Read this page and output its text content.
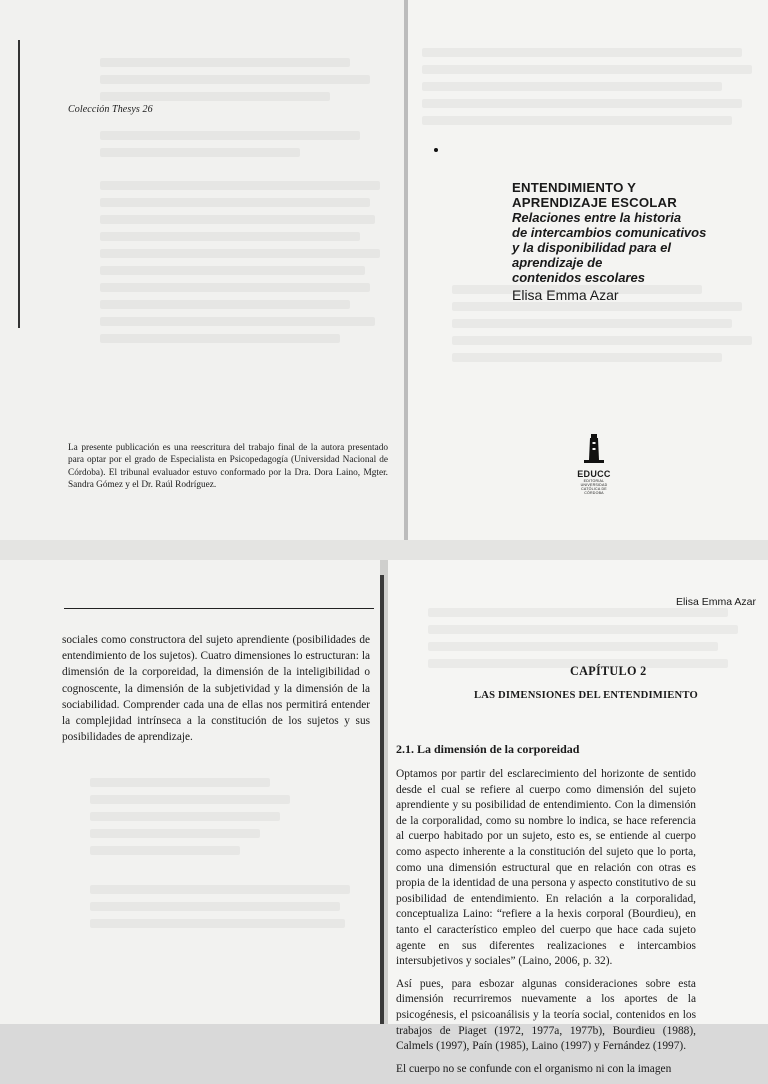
Colección Thesys 26
La presente publicación es una reescritura del trabajo final de la autora presentado para optar por el grado de Especialista en Psicopedagogía (Universidad Nacional de Córdoba). El tribunal evaluador estuvo conformado por la Dra. Dora Laino, Mgter. Sandra Gómez y el Dr. Raúl Rodríguez.
ENTENDIMIENTO Y
APRENDIZAJE ESCOLAR
Relaciones entre la historia
de intercambios comunicativos
y la disponibilidad para el
aprendizaje de
contenidos escolares
Elisa Emma Azar
EDUCC
EDITORIAL UNIVERSIDAD CATÓLICA DE CÓRDOBA
Elisa Emma Azar

sociales como constructora del sujeto aprendiente (posibilidades de entendimiento de los sujetos). Cuatro dimensiones lo estructuran: la dimensión de la corporeidad, la dimensión de la inteligibilidad o cognoscente, la dimensión de la subjetividad y la dimensión de la sociabilidad. Comprender cada una de ellas nos permitirá entender la complejidad intrínseca a la constitución de los sujetos y sus posibilidades de aprendizaje.

CAPÍTULO 2
LAS DIMENSIONES DEL ENTENDIMIENTO
2.1. La dimensión de la corporeidad

Optamos por partir del esclarecimiento del horizonte de sentido desde el cual se refiere al cuerpo como dimensión del sujeto aprendiente y su posibilidad de entendimiento. Con la dimensión de la corporalidad, como su nombre lo indica, se hace referencia al cuerpo habitado por un sujeto, esto es, se entiende al cuerpo como aspecto inherente a la constitución del sujeto que lo porta, como una dimensión estructural que en relación con otras es propia de la identidad de una persona y aspecto constitutivo de su posibilidad de entendimiento. En relación a la corporalidad, conceptualiza Laino: “refiere a la hexis corporal (Bourdieu), en tanto el característico empleo del cuerpo que hace cada sujeto agente en sus diferentes realizaciones e intercambios intersubjetivos y sociales” (Laino, 2006, p. 32).

Así pues, para esbozar algunas consideraciones sobre esta dimensión recurriremos nuevamente a los aportes de la psicogénesis, el psicoanálisis y la teoría social, contenidos en los trabajos de Piaget (1972, 1977a, 1977b), Bourdieu (1988), Calmels (1997), Paín (1985), Laino (1997) y Fernández (1997).

El cuerpo no se confunde con el organismo ni con la imagen
